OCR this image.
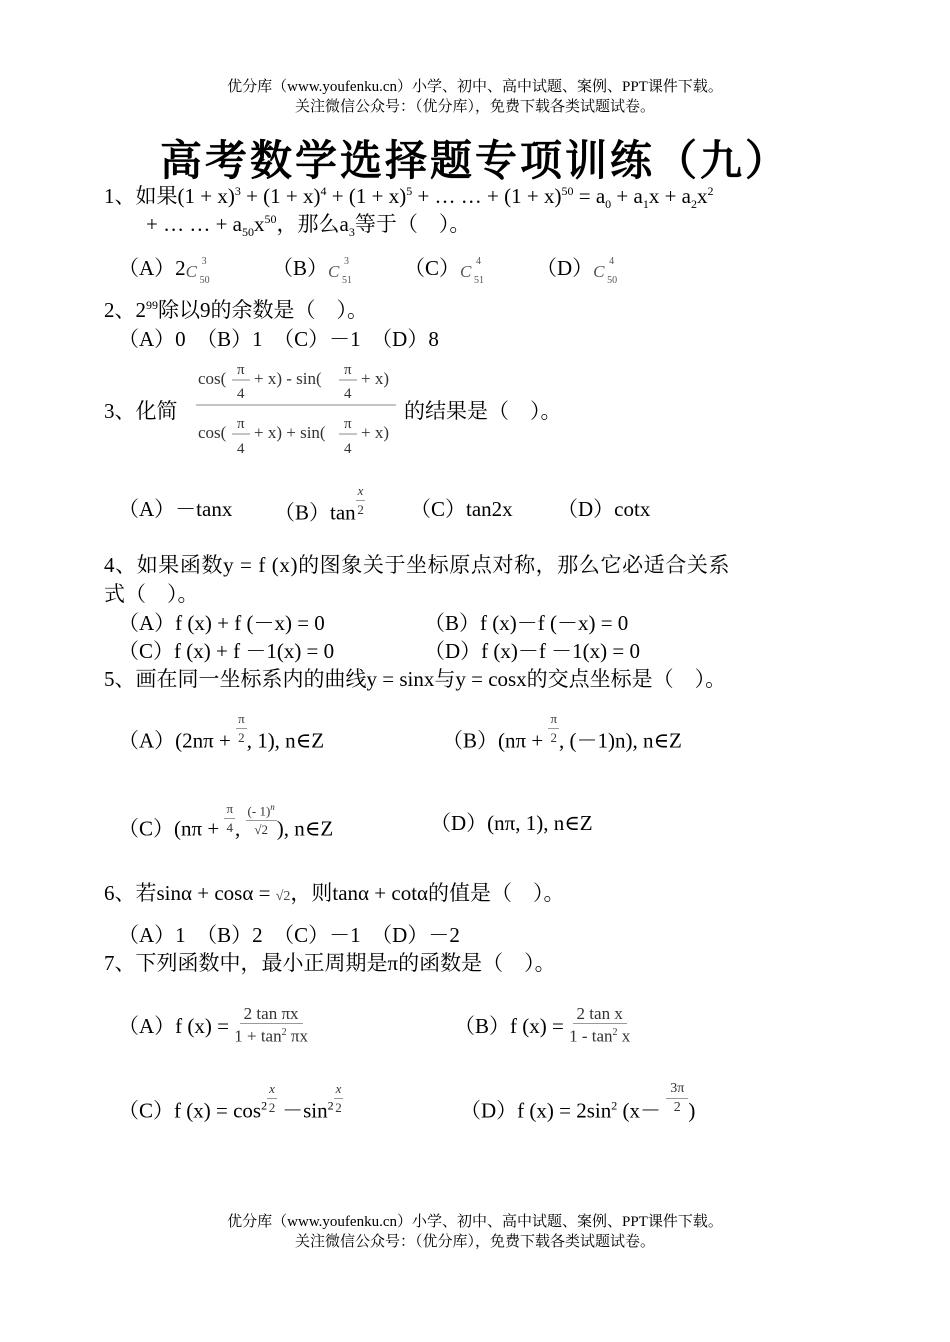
优分库（www.youfenku.cn）小学、初中、高中试题、案例、PPT课件下载。
关注微信公众号：（优分库），免费下载各类试题试卷。
高考数学选择题专项训练（九）
1、如果$(1 + x)^3 + (1 + x)^4 + (1 + x)^5$ + … … + $(1 + x)^{50} = a_0 + a_1x + a_2x^2$
+ … … + $a_{50}x^{50}$，那么$a_3$等于（　）。
（A）2 C
3
50
（B） C
3
51
（C） C
4
51
（D） C
4
50
2、$2^{99}$除以9的余数是（　）。
（A）0　（B）1　（C）－1　（D）8
3、化简
cos( π
4
+ x) - sin( π
4
+ x)
cos( π
4
+ x) + sin( π
4
+ x)
的结果是（　）。
（A）－tanx $(B)\tan \frac{x}{2} (C)\tan 2x$ （D）cotx
4、如果函数y = f (x)的图象关于坐标原点对称，那么它必适合关系
式（　）。
（A）f (x) + f (－x) = 0	（B）f (x)－f (－x) = 0
（C）f (x) + f －1(x) = 0	（D）f (x)－f －1(x) = 0
5、画在同一坐标系内的曲线y = sinx与y = cosx的交点坐标是（　）。
$(A)(2n\pi + \frac{\pi}{2}$ , 1), n∈Z	$(B)(n\pi + \frac{\pi}{2}$ , (－1)n), n∈Z
$(C)(n\pi + \frac{\pi}{4}$ , $\frac{(- 1)^n}{√2}$ ), n∈Z	（D）(nπ, 1), n∈Z
6、若sinα + cosα = √2，则tanα + cotα的值是（　）。
（A）1　（B）2　（C）－1　（D）－2
7、下列函数中，最小正周期是π的函数是（　）。
（A）f $(x) = \frac{\text{2 tan πx}}{1 + \tan^2 \pi x}$	（B）f $(x) = \frac{\text{2 tan x}}{1 - \tan^2 x}$
（C）f $(x) = \cos^2 \frac{x}{2} -\sin^2 \frac{x}{2}$	（D）f $(x) = 2\sin^2$ ($x- \frac{3\pi}{2}$ )
优分库（www.youfenku.cn）小学、初中、高中试题、案例、PPT课件下载。
关注微信公众号：（优分库），免费下载各类试题试卷。
